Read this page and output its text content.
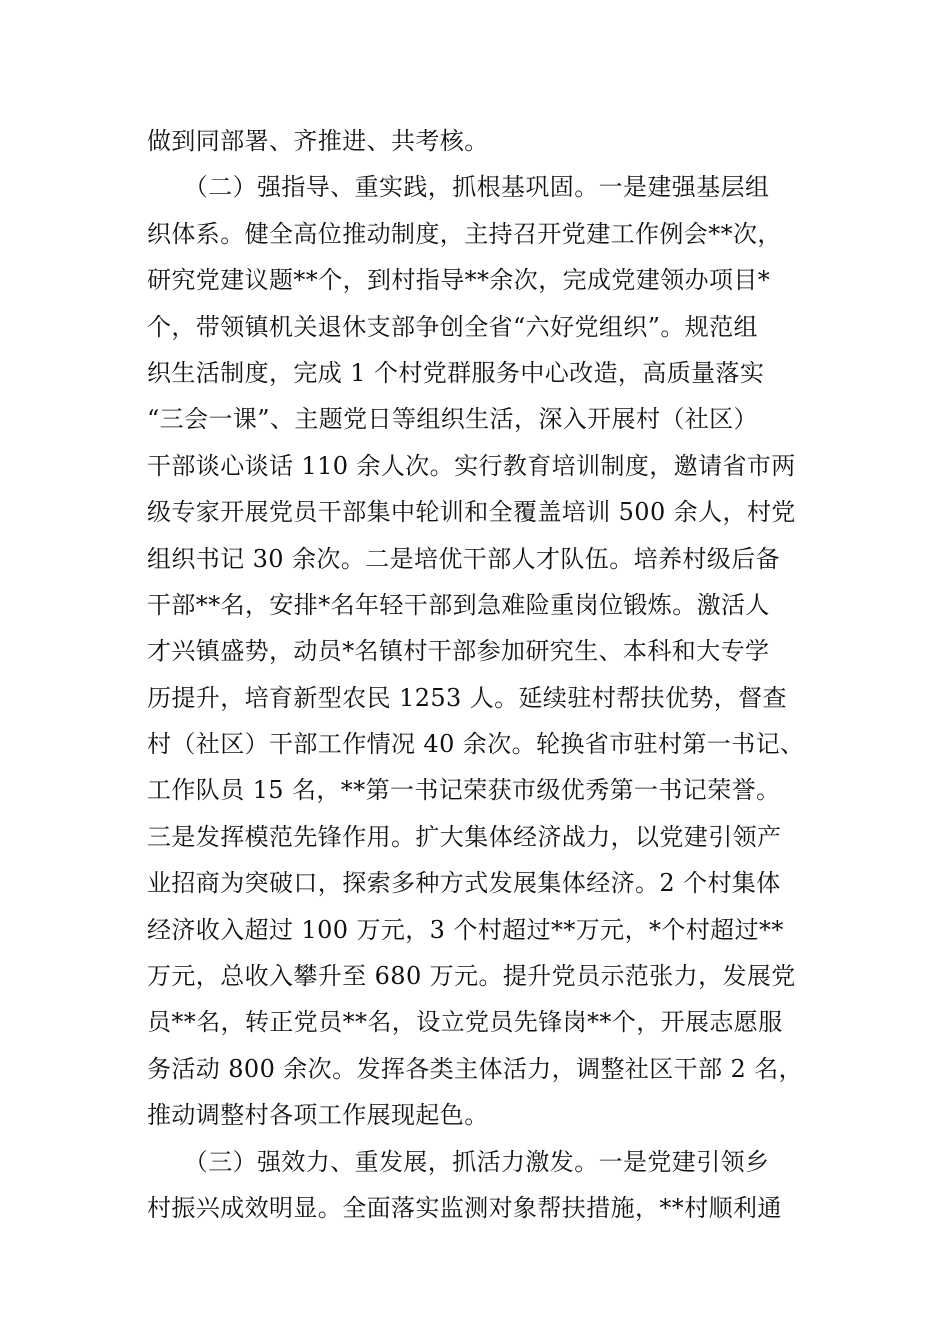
做到同部署、齐推进、共考核。
　　（二）强指导、重实践，抓根基巩固。一是建强基层组
织体系。健全高位推动制度，主持召开党建工作例会**次，
研究党建议题**个，到村指导**余次，完成党建领办项目*
个，带领镇机关退休支部争创全省“六好党组织”。规范组
织生活制度，完成 1 个村党群服务中心改造，高质量落实
“三会一课”、主题党日等组织生活，深入开展村（社区）
干部谈心谈话 110 余人次。实行教育培训制度，邀请省市两
级专家开展党员干部集中轮训和全覆盖培训 500 余人，村党
组织书记 30 余次。二是培优干部人才队伍。培养村级后备
干部**名，安排*名年轻干部到急难险重岗位锻炼。激活人
才兴镇盛势，动员*名镇村干部参加研究生、本科和大专学
历提升，培育新型农民 1253 人。延续驻村帮扶优势，督查
村（社区）干部工作情况 40 余次。轮换省市驻村第一书记、
工作队员 15 名，**第一书记荣获市级优秀第一书记荣誉。
三是发挥模范先锋作用。扩大集体经济战力，以党建引领产
业招商为突破口，探索多种方式发展集体经济。2 个村集体
经济收入超过 100 万元，3 个村超过**万元，*个村超过**
万元，总收入攀升至 680 万元。提升党员示范张力，发展党
员**名，转正党员**名，设立党员先锋岗**个，开展志愿服
务活动 800 余次。发挥各类主体活力，调整社区干部 2 名，
推动调整村各项工作展现起色。
　　（三）强效力、重发展，抓活力激发。一是党建引领乡
村振兴成效明显。全面落实监测对象帮扶措施，**村顺利通
